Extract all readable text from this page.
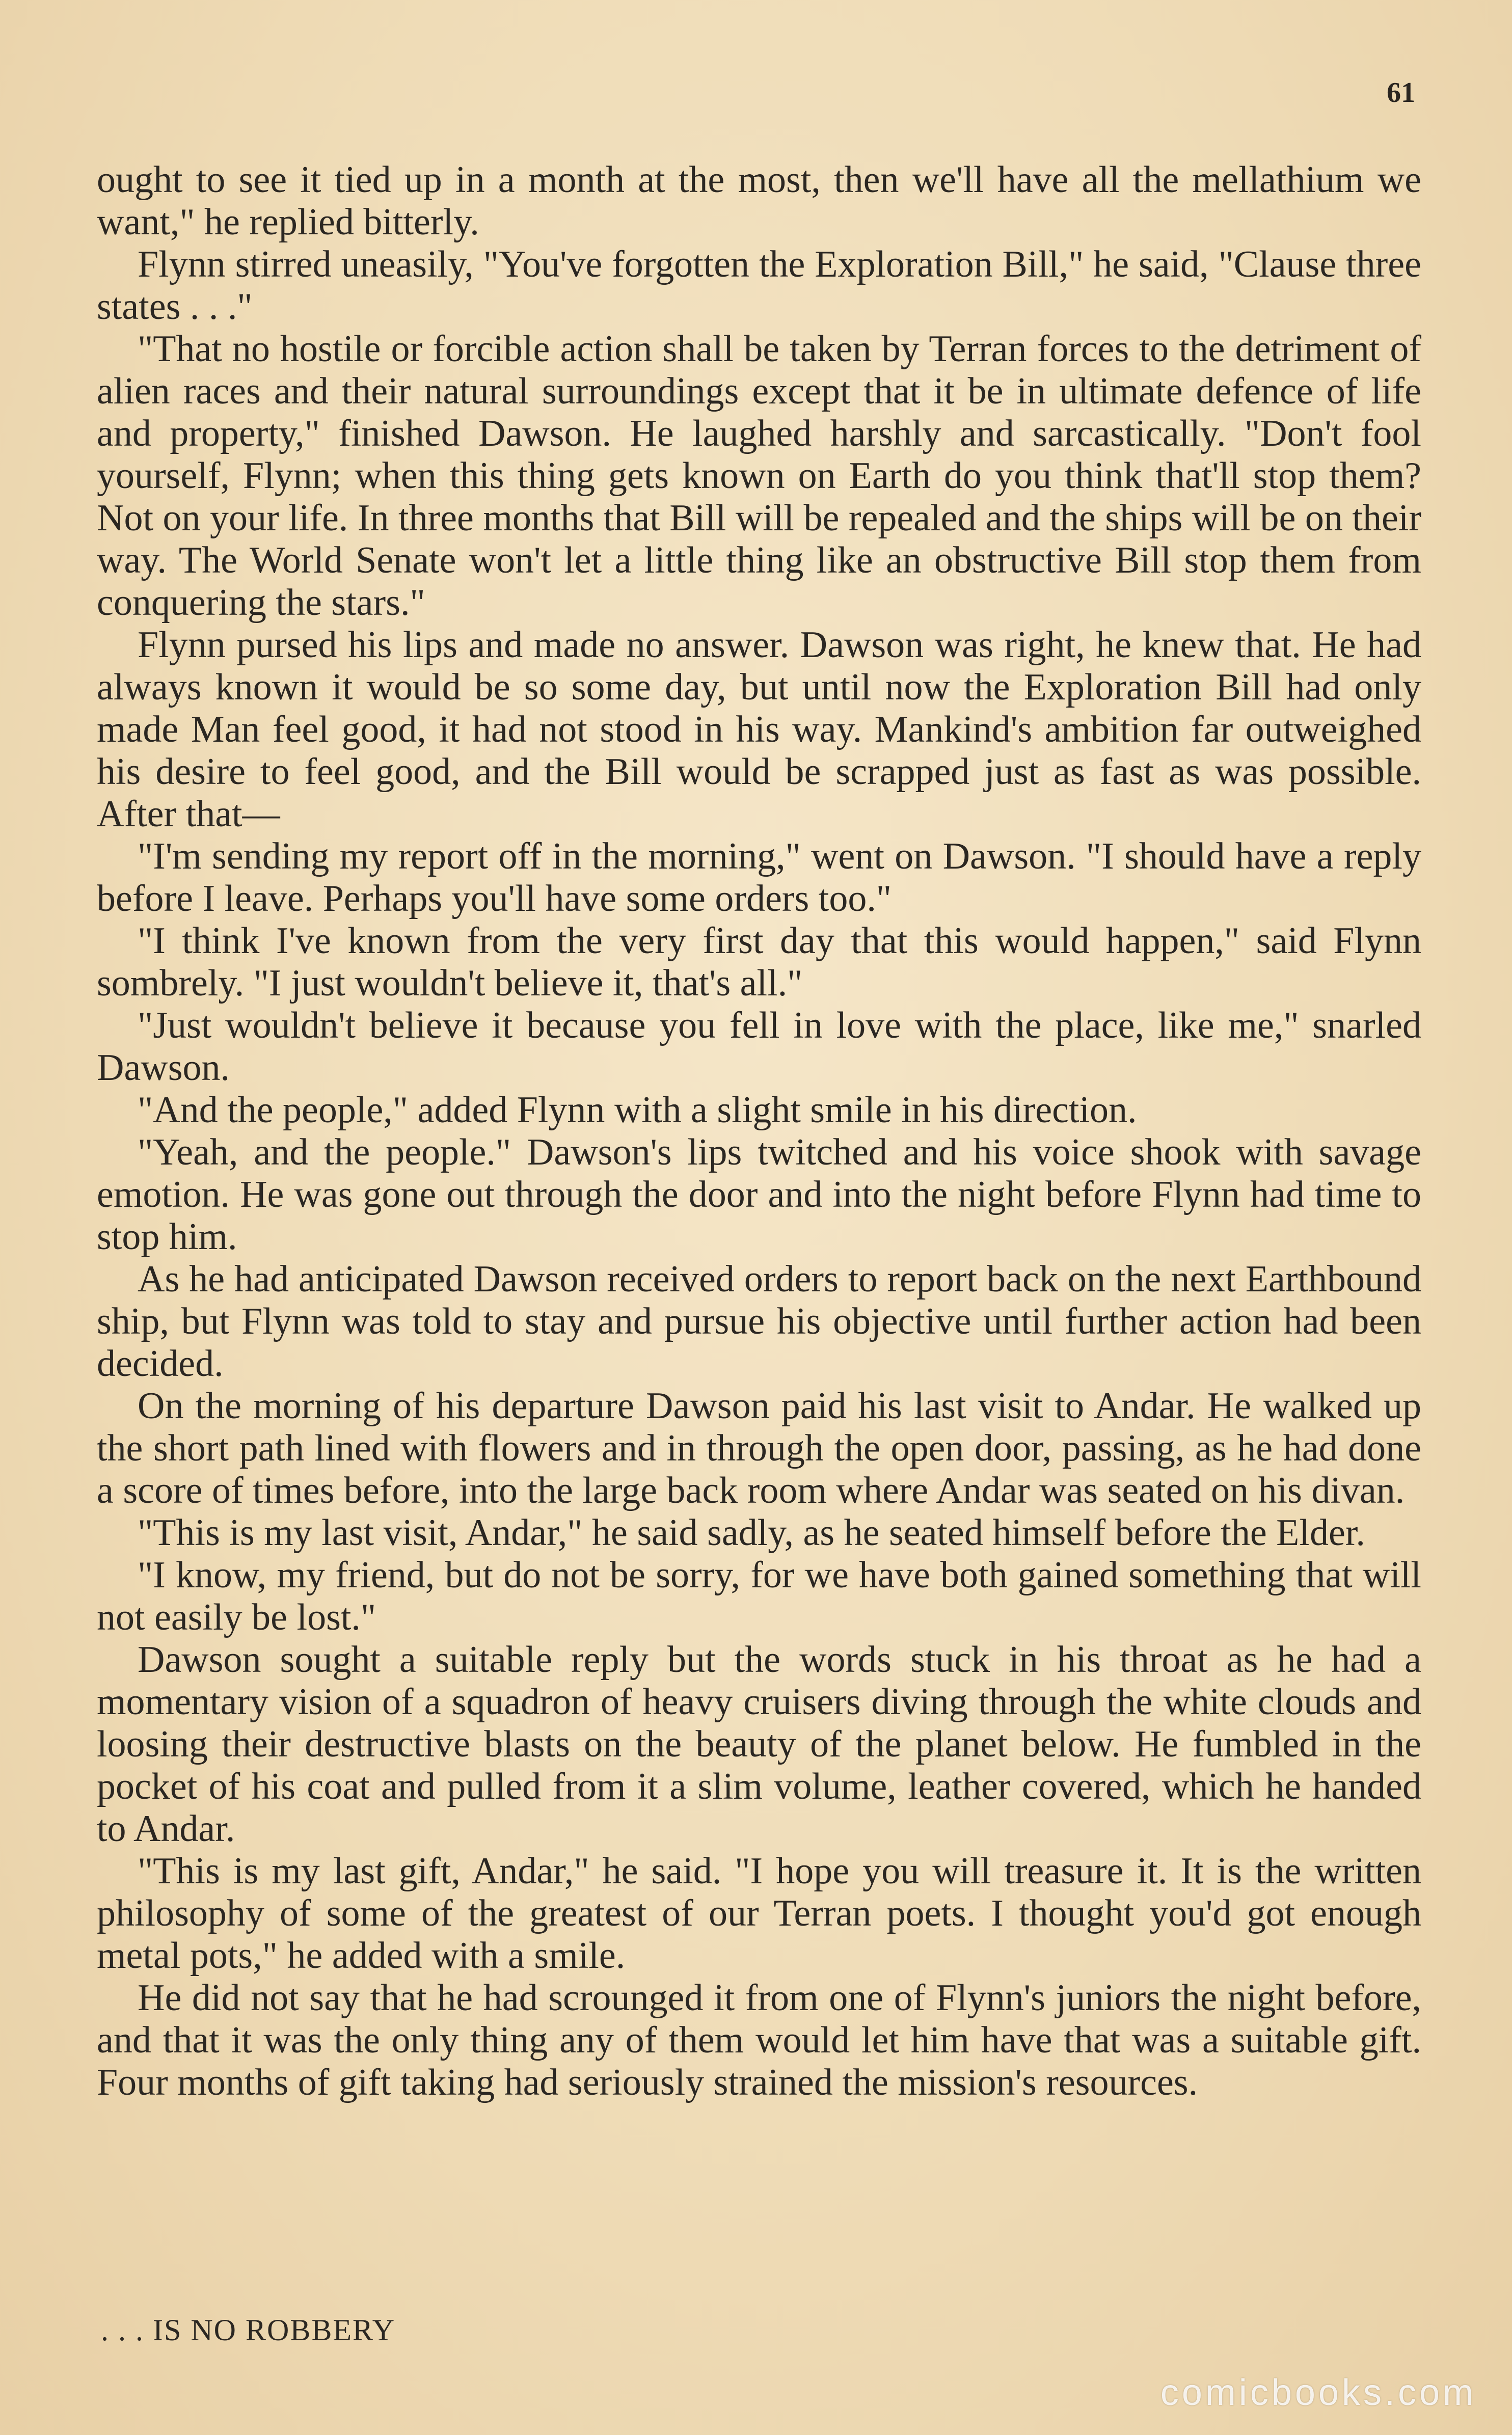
61

ought to see it tied up in a month at the most, then we'll have all the mellathium we want," he replied bitterly.

Flynn stirred uneasily, "You've forgotten the Exploration Bill," he said, "Clause three states . . ."

"That no hostile or forcible action shall be taken by Terran forces to the detriment of alien races and their natural surroundings except that it be in ultimate defence of life and property," finished Dawson. He laughed harshly and sarcastically. "Don't fool yourself, Flynn; when this thing gets known on Earth do you think that'll stop them? Not on your life. In three months that Bill will be repealed and the ships will be on their way. The World Senate won't let a little thing like an obstructive Bill stop them from conquering the stars."

Flynn pursed his lips and made no answer. Dawson was right, he knew that. He had always known it would be so some day, but until now the Exploration Bill had only made Man feel good, it had not stood in his way. Mankind's ambition far outweighed his desire to feel good, and the Bill would be scrapped just as fast as was possible. After that—

"I'm sending my report off in the morning," went on Dawson. "I should have a reply before I leave. Perhaps you'll have some orders too."

"I think I've known from the very first day that this would happen," said Flynn sombrely. "I just wouldn't believe it, that's all."

"Just wouldn't believe it because you fell in love with the place, like me," snarled Dawson.

"And the people," added Flynn with a slight smile in his direction.

"Yeah, and the people." Dawson's lips twitched and his voice shook with savage emotion. He was gone out through the door and into the night before Flynn had time to stop him.

As he had anticipated Dawson received orders to report back on the next Earthbound ship, but Flynn was told to stay and pursue his objective until further action had been decided.

On the morning of his departure Dawson paid his last visit to Andar. He walked up the short path lined with flowers and in through the open door, passing, as he had done a score of times before, into the large back room where Andar was seated on his divan.

"This is my last visit, Andar," he said sadly, as he seated himself before the Elder.

"I know, my friend, but do not be sorry, for we have both gained something that will not easily be lost."

Dawson sought a suitable reply but the words stuck in his throat as he had a momentary vision of a squadron of heavy cruisers diving through the white clouds and loosing their destructive blasts on the beauty of the planet below. He fumbled in the pocket of his coat and pulled from it a slim volume, leather covered, which he handed to Andar.

"This is my last gift, Andar," he said. "I hope you will treasure it. It is the written philosophy of some of the greatest of our Terran poets. I thought you'd got enough metal pots," he added with a smile.

He did not say that he had scrounged it from one of Flynn's juniors the night before, and that it was the only thing any of them would let him have that was a suitable gift. Four months of gift taking had seriously strained the mission's resources.

. . . IS NO ROBBERY

comicbooks.com
